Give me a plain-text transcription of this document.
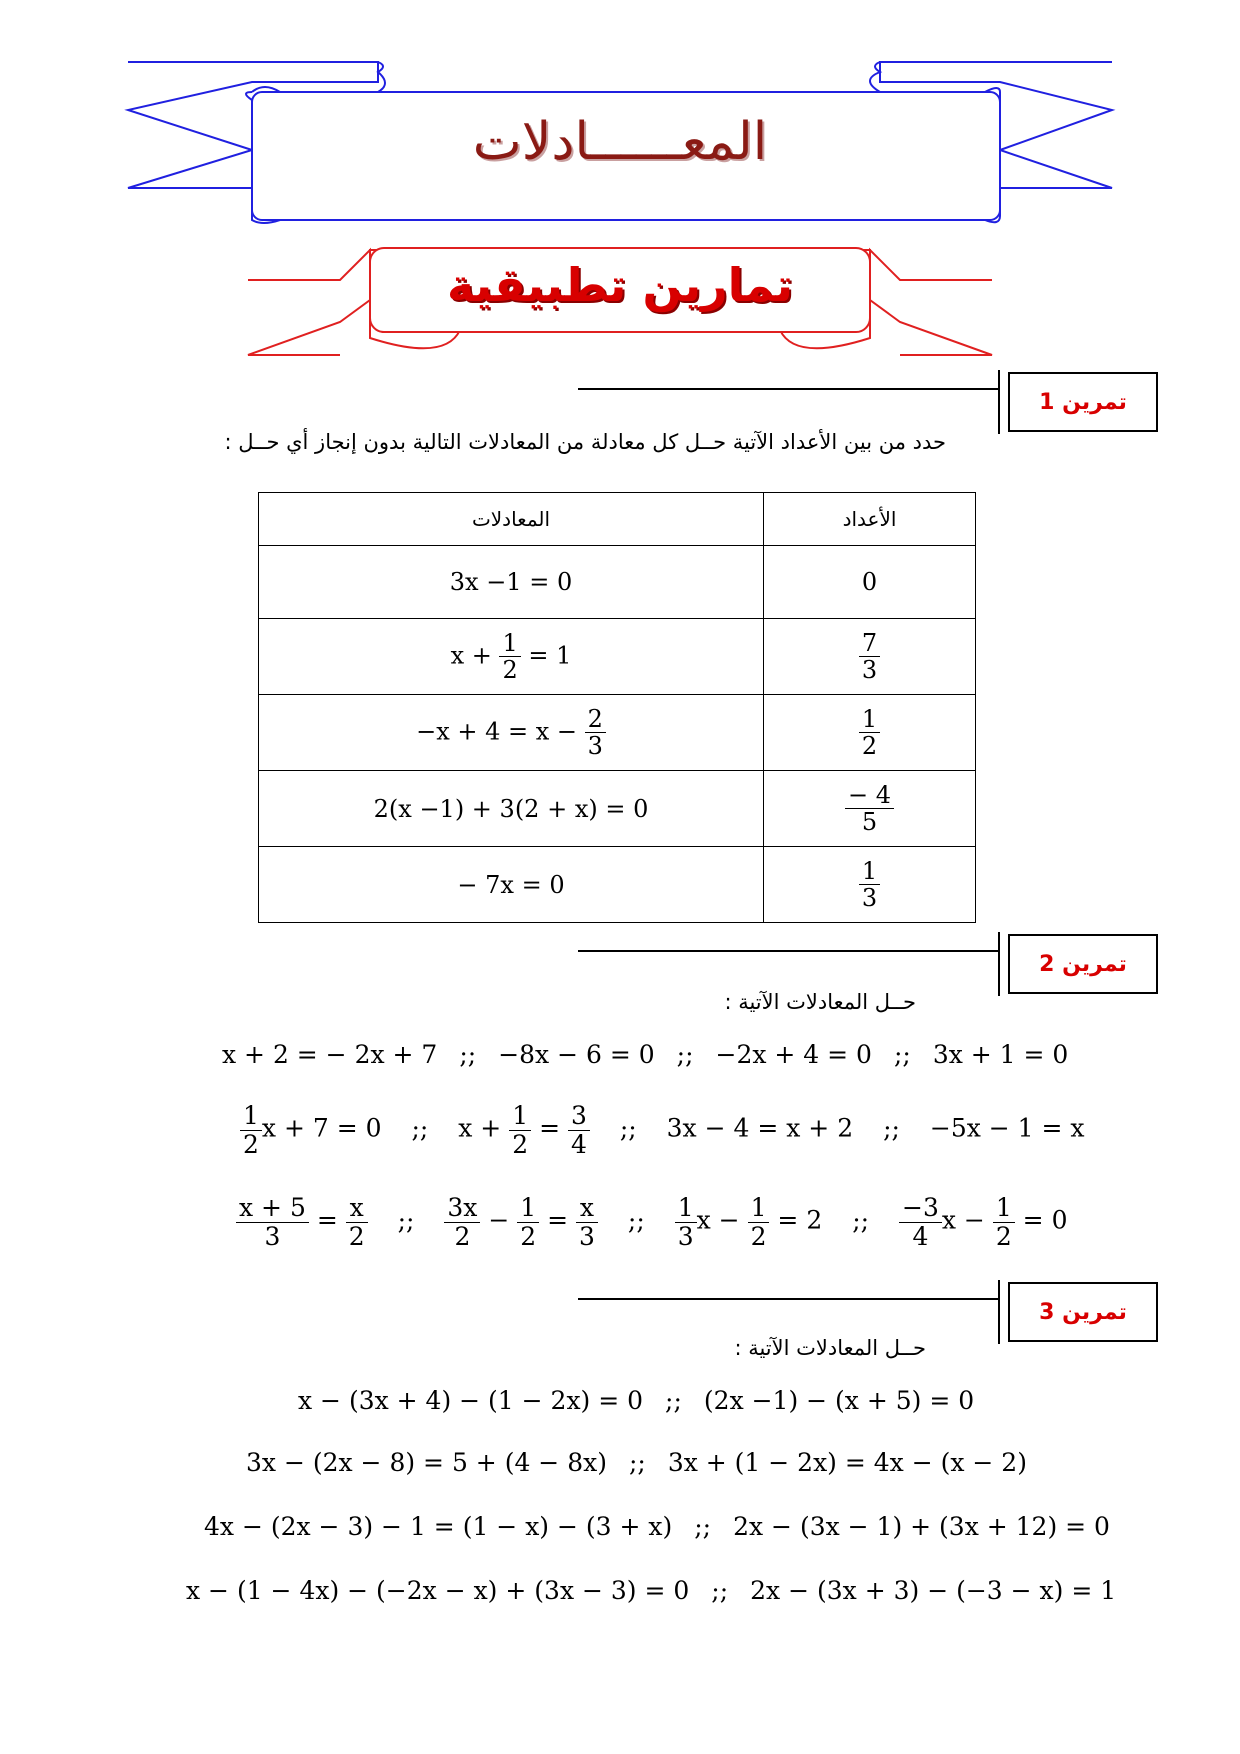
المعــــــادلات
تمارين تطبيقية
تمرين 1
حدد من بين الأعداد الآتية حــل كل معادلة من المعادلات التالية بدون إنجاز أي حــل :
المعادلات	الأعداد
3x −1 = 0	0
$x + \frac{1}{2} = 1$	$\frac{7}{3}$

$-x + 4 = x - \frac{2}{3}$	$\frac{1}{2}$

2(x −1) + 3(2 + x) = 0	$\frac{- 4}{5}$

− 7x = 0	$\frac{1}{3}$
تمرين 2
حــل المعادلات الآتية :
x + 2 = − 2x + 7 ;; −8x − 6 = 0 ;; −2x + 4 = 0 ;; 3x + 1 = 0
$\frac{1}{2}$ x + 7 = 0 ;; $x + \frac{1}{2} = \frac{3}{4}$ ;; 3x − 4 = x + 2 ;; −5x − 1 = x
$\frac{x + 5}{3} = \frac{x}{2}$ ;; $\frac{3x}{2} - \frac{1}{2} = \frac{x}{3}$ ;; $\frac{1}{3}$ $x - \frac{1}{2} = 2$ ;; $\frac{-3}{4}$ $x - \frac{1}{2} = 0$
تمرين 3
حــل المعادلات الآتية :
x − (3x + 4) − (1 − 2x) = 0 ;; (2x −1) − (x + 5) = 0
3x − (2x − 8) = 5 + (4 − 8x) ;; 3x + (1 − 2x) = 4x − (x − 2)
4x − (2x − 3) − 1 = (1 − x) − (3 + x) ;; 2x − (3x − 1) + (3x + 12) = 0
x − (1 − 4x) − (−2x − x) + (3x − 3) = 0 ;; 2x − (3x + 3) − (−3 − x) = 1
